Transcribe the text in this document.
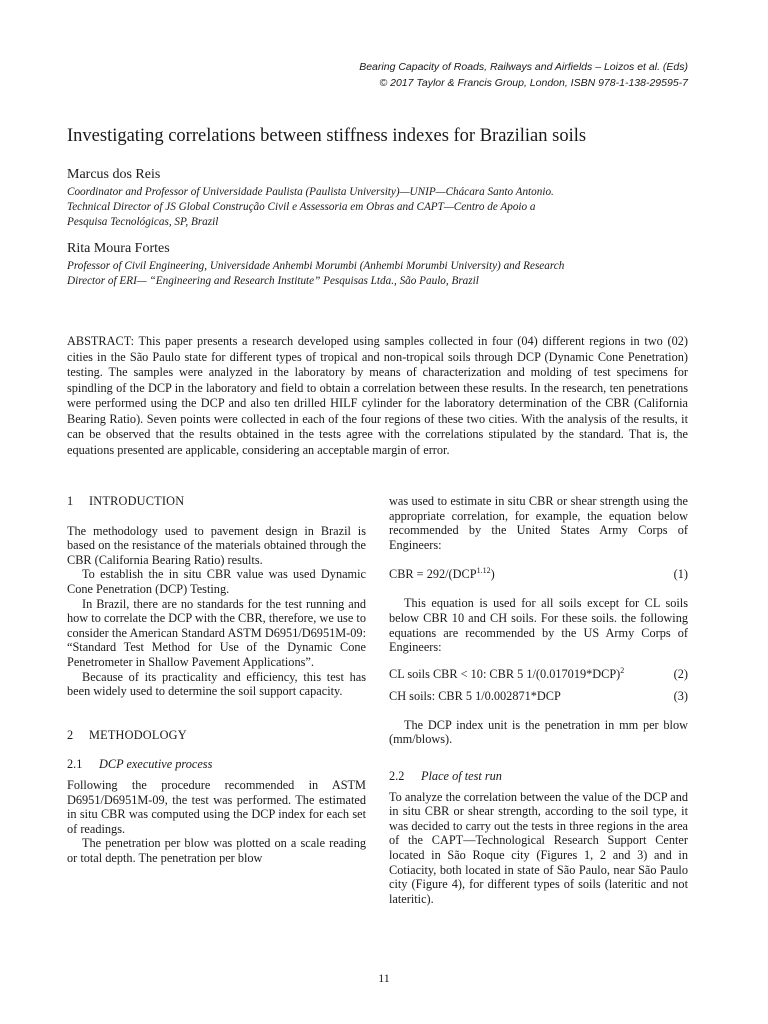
Bearing Capacity of Roads, Railways and Airfields – Loizos et al. (Eds)
© 2017 Taylor & Francis Group, London, ISBN 978-1-138-29595-7
Investigating correlations between stiffness indexes for Brazilian soils
Marcus dos Reis
Coordinator and Professor of Universidade Paulista (Paulista University)—UNIP—Chácara Santo Antonio.
Technical Director of JS Global Construção Civil e Assessoria em Obras and CAPT—Centro de Apoio a
Pesquisa Tecnológicas, SP, Brazil
Rita Moura Fortes
Professor of Civil Engineering, Universidade Anhembi Morumbi (Anhembi Morumbi University) and Research
Director of ERI— “Engineering and Research Institute” Pesquisas Ltda., São Paulo, Brazil

ABSTRACT: This paper presents a research developed using samples collected in four (04) different regions in two (02) cities in the São Paulo state for different types of tropical and non-tropical soils through DCP (Dynamic Cone Penetration) testing. The samples were analyzed in the laboratory by means of characterization and molding of test specimens for spindling of the DCP in the laboratory and field to obtain a correlation between these results. In the research, ten penetrations were performed using the DCP and also ten drilled HILF cylinder for the laboratory determination of the CBR (California Bearing Ratio). Seven points were collected in each of the four regions of these two cities. With the analysis of the results, it can be observed that the results obtained in the tests agree with the correlations stipulated by the standard. That is, the equations presented are applicable, considering an acceptable margin of error.

1 INTRODUCTION

The methodology used to pavement design in Brazil is based on the resistance of the materials obtained through the CBR (California Bearing Ratio) results.

To establish the in situ CBR value was used Dynamic Cone Penetration (DCP) Testing.

In Brazil, there are no standards for the test running and how to correlate the DCP with the CBR, therefore, we use to consider the American Standard ASTM D6951/D6951M-09: “Standard Test Method for Use of the Dynamic Cone Penetrometer in Shallow Pavement Applications”.

Because of its practicality and efficiency, this test has been widely used to determine the soil support capacity.

2 METHODOLOGY
2.1 DCP executive process

Following the procedure recommended in ASTM D6951/D6951M-09, the test was performed. The estimated in situ CBR was computed using the DCP index for each set of readings.

The penetration per blow was plotted on a scale reading or total depth. The penetration per blow

was used to estimate in situ CBR or shear strength using the appropriate correlation, for example, the equation below recommended by the United States Army Corps of Engineers:

CBR = $292/(DCP^{1.12})$	(1)

This equation is used for all soils except for CL soils below CBR 10 and CH soils. For these soils. the following equations are recommended by the US Army Corps of Engineers:

CL soils CBR < 10: CBR 5 $1/(0.017019*DCP)^2$	(2)
CH soils: CBR 5 1/0.002871*DCP	(3)

The DCP index unit is the penetration in mm per blow (mm/blows).

2.2 Place of test run

To analyze the correlation between the value of the DCP and in situ CBR or shear strength, according to the soil type, it was decided to carry out the tests in three regions in the area of the CAPT—Technological Research Support Center located in São Roque city (Figures 1, 2 and 3) and in Cotiacity, both located in state of São Paulo, near São Paulo city (Figure 4), for different types of soils (lateritic and not lateritic).

11
